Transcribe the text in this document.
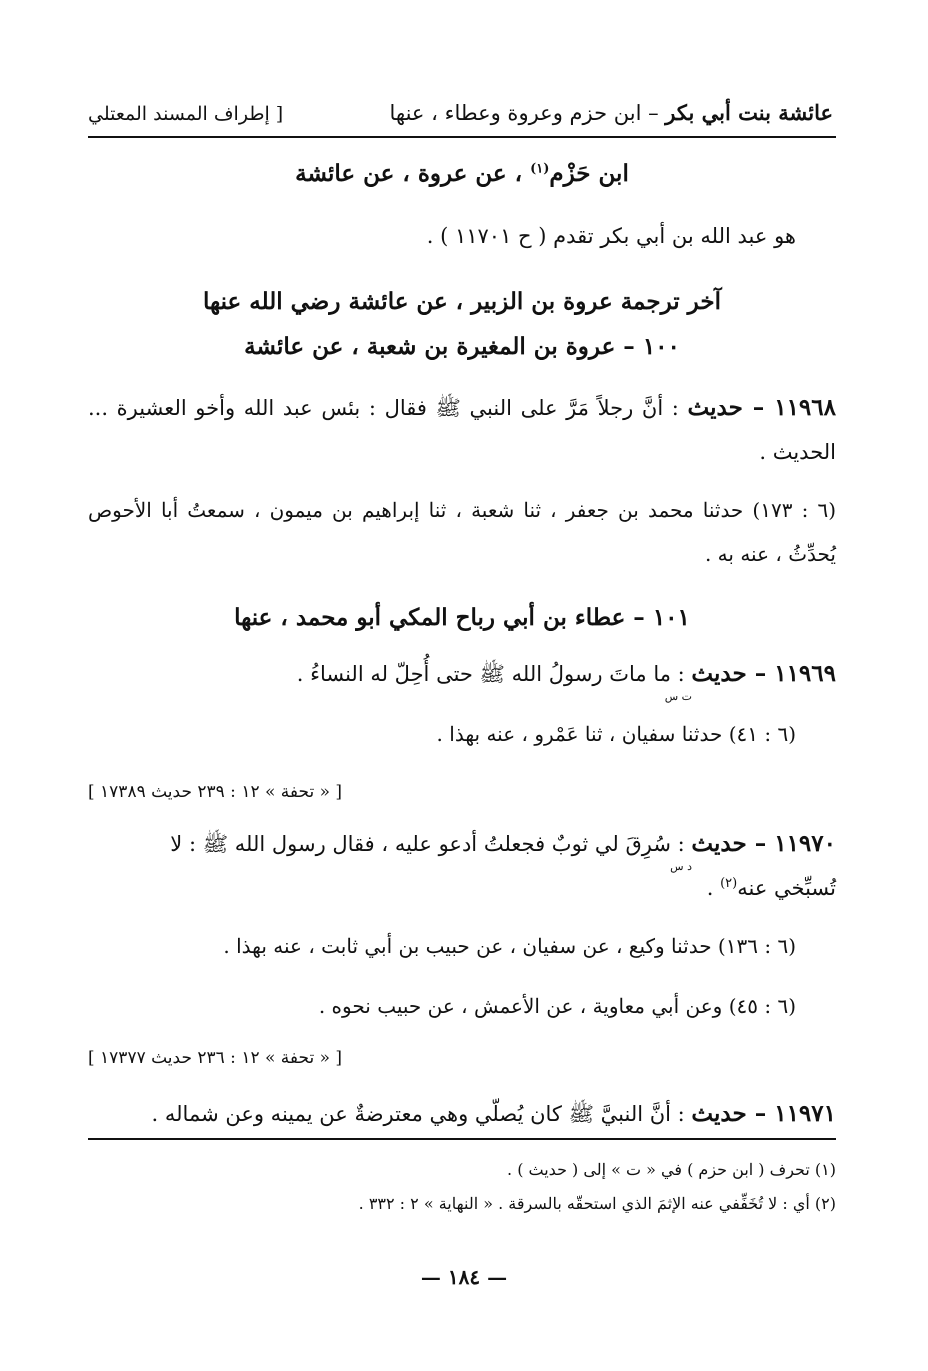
عائشة بنت أبي بكر – ابن حزم وعروة وعطاء ، عنها
[ إطراف المسند المعتلي
ابن حَزْم$^{(١)}$ ، عن عروة ، عن عائشة
هو عبد الله بن أبي بكر تقدم ( ح ١١٧٠١ ) .
آخر ترجمة عروة بن الزبير ، عن عائشة رضي الله عنها
١٠٠ – عروة بن المغيرة بن شعبة ، عن عائشة
١١٩٦٨ – حديث : أنَّ رجلاً مَرَّ على النبي ﷺ فقال : بئس عبد الله وأخو العشيرة ... الحديث .
(٦ : ١٧٣) حدثنا محمد بن جعفر ، ثنا شعبة ، ثنا إبراهيم بن ميمون ، سمعتُ أبا الأحوص يُحدِّثُ ، عنه به .
١٠١ – عطاء بن أبي رباح المكي أبو محمد ، عنها
١١٩٦٩ – حديث : ما ماتَ رسولُ الله ﷺ حتى أُحِلّ له النساءُ .
ت س
(٦ : ٤١) حدثنا سفيان ، ثنا عَمْرو ، عنه بهذا .
[ « تحفة » ١٢ : ٢٣٩ حديث ١٧٣٨٩ ]
١١٩٧٠ – حديث : سُرِقَ لي ثوبٌ فجعلتُ أدعو عليه ، فقال رسول الله ﷺ : لا
د س
تُسبِّخي عنه$^{(٢)}$ .
(٦ : ١٣٦) حدثنا وكيع ، عن سفيان ، عن حبيب بن أبي ثابت ، عنه بهذا .
(٦ : ٤٥) وعن أبي معاوية ، عن الأعمش ، عن حبيب نحوه .
[ « تحفة » ١٢ : ٢٣٦ حديث ١٧٣٧٧ ]
١١٩٧١ – حديث : أنَّ النبيَّ ﷺ كان يُصلّي وهي معترضةٌ عن يمينه وعن شماله .
(١) تحرف ( ابن حزم ) في « ت » إلى ( حديث ) .
(٢) أي : لا تُخَفِّفي عنه الإثمَ الذي استحقّه بالسرقة . « النهاية » ٢ : ٣٣٢ .
— ١٨٤ —
